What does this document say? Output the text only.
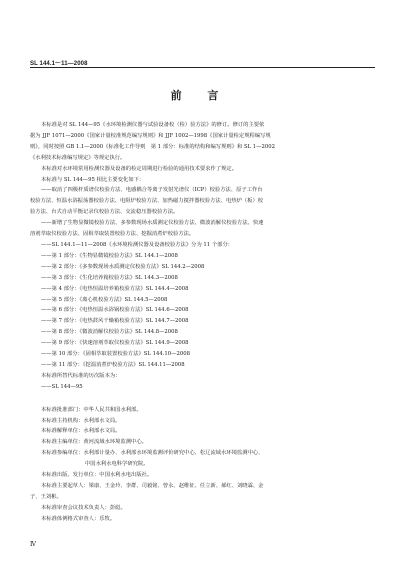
SL 144.1～11—2008
前 言

本标准是对 SL 144—95《水环境检测仪器与试验设备校（检）验方法》的修订。修订的主要依

据为 JJF 1071—2000《国家计量校准规范编写规则》和 JJF 1002—1998《国家计量检定规程编写规

则》，同时按照 GB 1.1—2000《标准化工作导则　第 1 部分：标准的结构和编写规则》和 SL 1—2002

《水利技术标准编写规定》等规定执行。

本标准对水环境常用检测仪器及设备的检定周期进行检验的通用技术要求作了规定。

本标准与 SL 144—95 相比主要变化如下：

——取消了四极杆质谱仪校验方法、电感耦合等离子发射光谱仪（ICP）校验方法、原子工作台

校验方法、恒温水浴振荡器校验方法、电阻炉校验方法、加热磁力搅拌器校验方法、电热炉（板）校

验方法、台式自动平衡记录仪校验方法、交流稳压器校验方法。

——新增了生物显微镜校验方法、多参数现场水质测定仪校验方法、微波消解仪校验方法、快速

溶剂萃取仪校验方法、固相萃取装置校验方法、挖掘消煮炉校验方法。

——SL 144.1—11—2008《水环境检测仪器及设备校验方法》分为 11 个部分：

——第 1 部分：《生物显微镜校验方法》SL 144.1—2008

——第 2 部分：《多参数现场水质测定仪校验方法》SL 144.2—2008

——第 3 部分：《生化培养箱校验方法》SL 144.3—2008

——第 4 部分：《电热恒温培养箱校验方法》SL 144.4—2008

——第 5 部分：《离心机校验方法》SL 144.5—2008

——第 6 部分：《电热恒温水浴锅校验方法》SL 144.6—2008

——第 7 部分：《电热鼓风干燥箱校验方法》SL 144.7—2008

——第 8 部分：《微波消解仪校验方法》SL 144.8—2008

——第 9 部分：《快速溶剂萃取仪校验方法》SL 144.9—2008

——第 10 部分：《固相萃取装置校验方法》SL 144.10—2008

——第 11 部分：《挖温消煮炉校验方法》SL 144.11—2008

本标准所替代标准的历次版本为：

——SL 144—95

本标准批准部门：中华人民共和国水利部。

本标准主持机构：水利部水文局。

本标准解释单位：水利部水文局。

本标准主编单位：黄河流域水环境监测中心。

本标准参编单位：水利部计量办、水利部水环境监测评价研究中心、松辽流域水环境监测中心、

中国水利水电科学研究院。

本标准出版、发行单位：中国水利水电出版社。

本标准主要起草人：梁康、王金玲、李群、司毅铭、曾永、赵维征、任立新、郝红、刘晓霖、金

子、王刘彬。

本标准审查会议技术负责人：彭彪。

本标准体例格式审查人：乐牧。

Ⅳ
